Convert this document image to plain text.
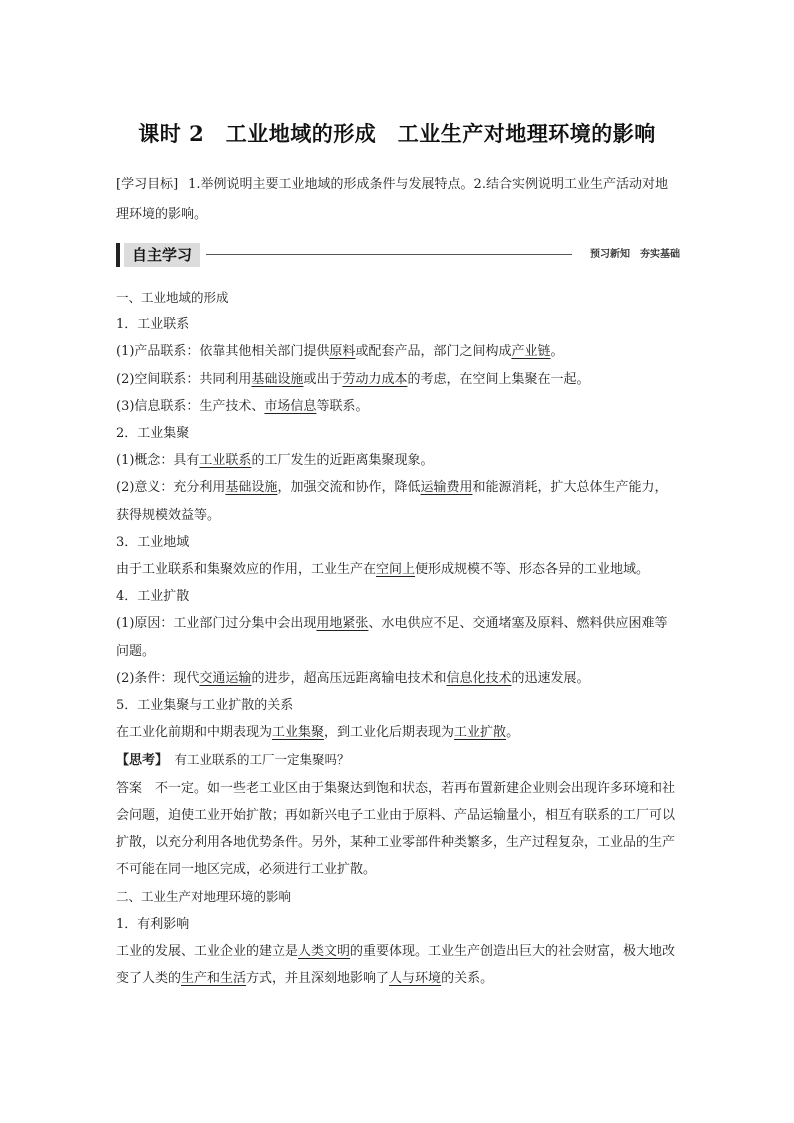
课时 2　工业地域的形成　工业生产对地理环境的影响
[学习目标] 1.举例说明主要工业地域的形成条件与发展特点。2.结合实例说明工业生产活动对地理环境的影响。
自主学习	预习新知　夯实基础

一、工业地域的形成

1．工业联系

(1)产品联系：依靠其他相关部门提供原料或配套产品，部门之间构成产业链。

(2)空间联系：共同利用基础设施或出于劳动力成本的考虑，在空间上集聚在一起。

(3)信息联系：生产技术、市场信息等联系。

2．工业集聚

(1)概念：具有工业联系的工厂发生的近距离集聚现象。

(2)意义：充分利用基础设施，加强交流和协作，降低运输费用和能源消耗，扩大总体生产能力，获得规模效益等。

3．工业地域

由于工业联系和集聚效应的作用，工业生产在空间上便形成规模不等、形态各异的工业地域。

4．工业扩散

(1)原因：工业部门过分集中会出现用地紧张、水电供应不足、交通堵塞及原料、燃料供应困难等问题。

(2)条件：现代交通运输的进步，超高压远距离输电技术和信息化技术的迅速发展。

5．工业集聚与工业扩散的关系

在工业化前期和中期表现为工业集聚，到工业化后期表现为工业扩散。

【思考】　 有工业联系的工厂一定集聚吗？

答案　 不一定。如一些老工业区由于集聚达到饱和状态，若再布置新建企业则会出现许多环境和社会问题，迫使工业开始扩散；再如新兴电子工业由于原料、产品运输量小，相互有联系的工厂可以扩散，以充分利用各地优势条件。另外，某种工业零部件种类繁多，生产过程复杂，工业品的生产不可能在同一地区完成，必须进行工业扩散。

二、工业生产对地理环境的影响

1．有利影响

工业的发展、工业企业的建立是人类文明的重要体现。工业生产创造出巨大的社会财富，极大地改变了人类的生产和生活方式，并且深刻地影响了人与环境的关系。
